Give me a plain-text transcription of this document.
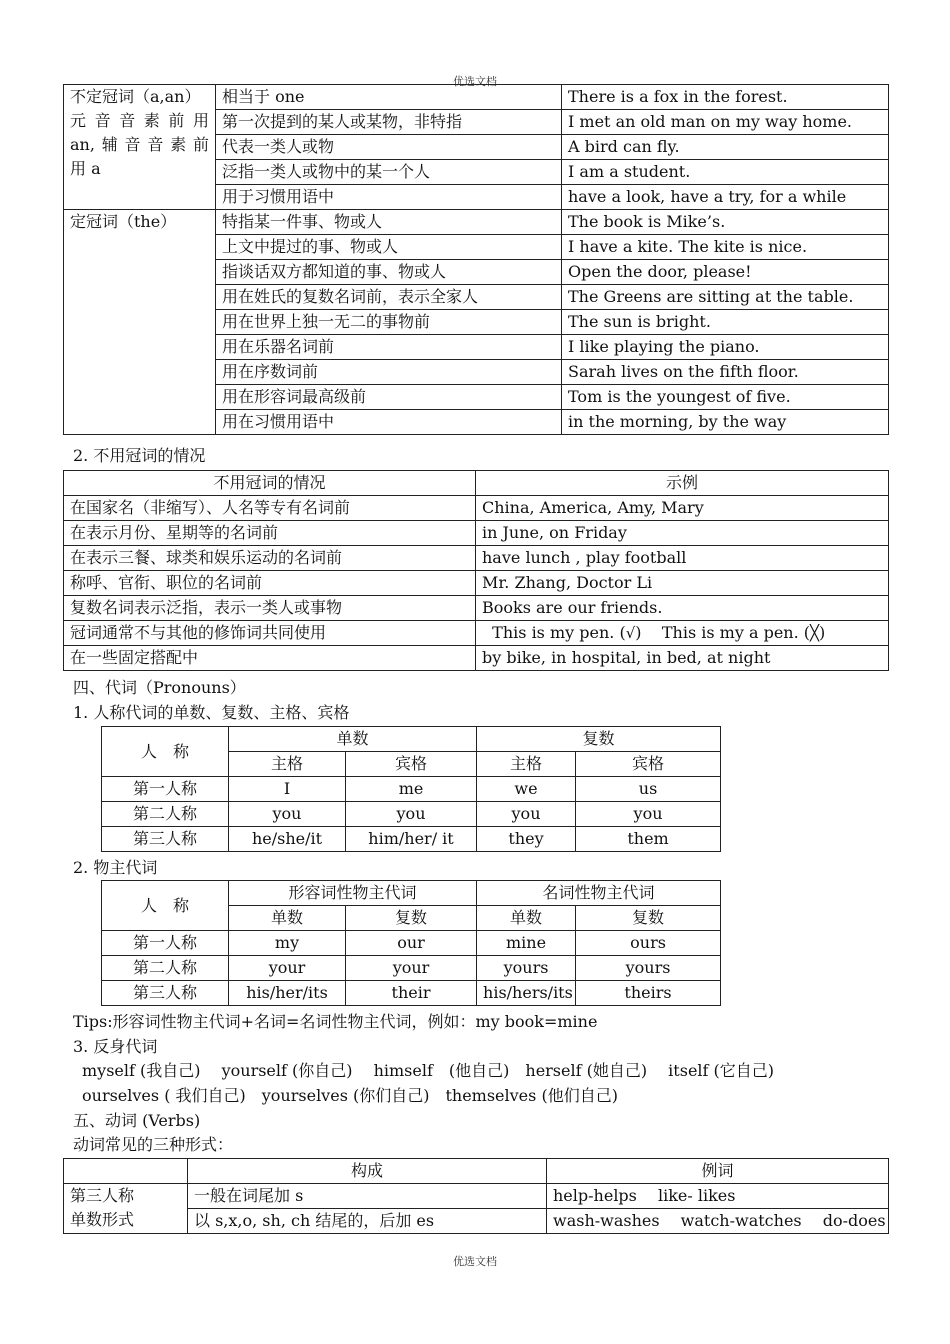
优选文档
不定冠词（a,an）
元音音素前用
an,辅音音素前
用 a	相当于 one	There is a fox in the forest.
	第一次提到的某人或某物，非特指	I met an old man on my way home.
	代表一类人或物	A bird can fly.
	泛指一类人或物中的某一个人	I am a student.
	用于习惯用语中	have a look, have a try, for a while
定冠词（the）	特指某一件事、物或人	The book is Mike’s.
	上文中提过的事、物或人	I have a kite. The kite is nice.
	指谈话双方都知道的事、物或人	Open the door, please!
	用在姓氏的复数名词前，表示全家人	The Greens are sitting at the table.
	用在世界上独一无二的事物前	The sun is bright.
	用在乐器名词前	I like playing the piano.
	用在序数词前	Sarah lives on the fifth floor.
	用在形容词最高级前	Tom is the youngest of five.
	用在习惯用语中	in the morning, by the way
2. 不用冠词的情况
不用冠词的情况	示例
在国家名（非缩写）、人名等专有名词前	China, America, Amy, Mary
在表示月份、星期等的名词前	in June, on Friday
在表示三餐、球类和娱乐运动的名词前	have lunch , play football
称呼、官衔、职位的名词前	Mr. Zhang, Doctor Li
复数名词表示泛指，表示一类人或事物	Books are our friends.
冠词通常不与其他的修饰词共同使用	This is my pen. (√) This is my a pen. (╳)
在一些固定搭配中	by bike, in hospital, in bed, at night
四、代词（Pronouns）
1. 人称代词的单数、复数、主格、宾格
人　称	单数		复数	
	主格	宾格	主格	宾格
第一人称	I	me	we	us
第二人称	you	you	you	you
第三人称	he/she/it	him/her/ it	they	them
2. 物主代词
人　称	形容词性物主代词		名词性物主代词	
	单数	复数	单数	复数
第一人称	my	our	mine	ours
第二人称	your	your	yours	yours
第三人称	his/her/its	their	his/hers/its	theirs
Tips:形容词性物主代词+名词=名词性物主代词，例如：my book=mine
3. 反身代词
myself (我自己)　 yourself (你自己)　 himself　(他自己)　herself (她自己)　 itself (它自己)
ourselves ( 我们自己)　yourselves (你们自己)　themselves (他们自己)
五、动词 (Verbs)
动词常见的三种形式：
	构成	例词

第三人称
单数形式	一般在词尾加 s	help-helps　 like- likes
	以 s,x,o, sh, ch 结尾的，后加 es	wash-washes　 watch-watches　 do-does
优选文档
